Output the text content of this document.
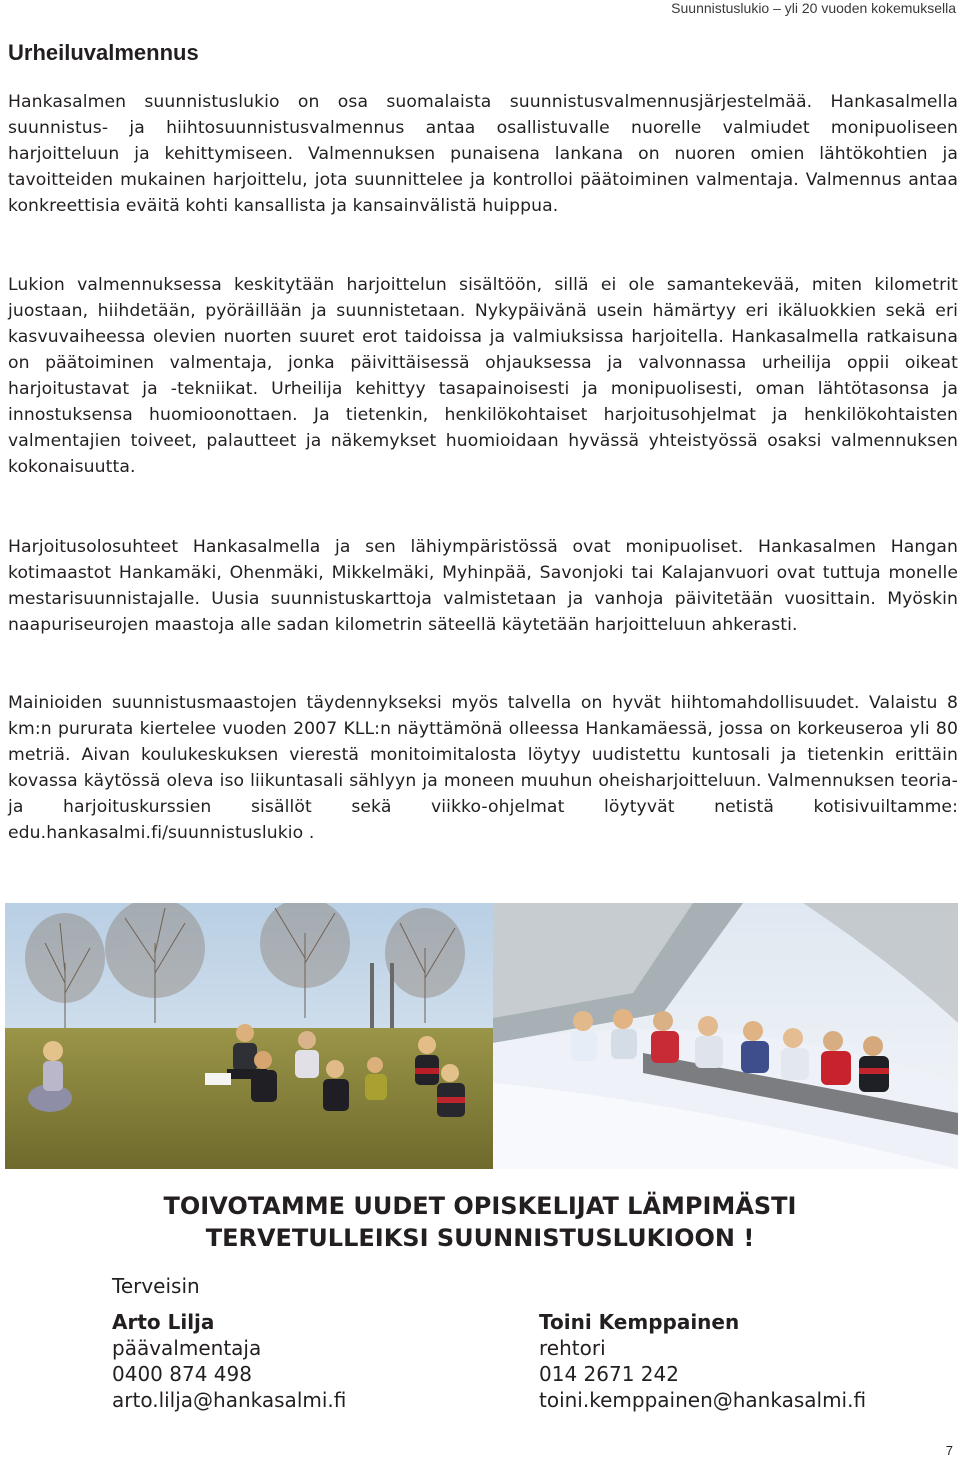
Suunnistuslukio – yli 20 vuoden kokemuksella
Urheiluvalmennus

Hankasalmen suunnistuslukio on osa suomalaista suunnistusvalmennusjärjestelmää. Hankasalmella suunnistus- ja hiihtosuunnistusvalmennus antaa osallistuvalle nuorelle valmiudet monipuoliseen harjoitteluun ja kehittymiseen. Valmennuksen punaisena lankana on nuoren omien lähtökohtien ja tavoitteiden mukainen harjoittelu, jota suunnittelee ja kontrolloi päätoiminen valmentaja. Valmennus antaa konkreettisia eväitä kohti kansallista ja kansainvälistä huippua.

Lukion valmennuksessa keskitytään harjoittelun sisältöön, sillä ei ole samantekevää, miten kilometrit juostaan, hiihdetään, pyöräillään ja suunnistetaan. Nykypäivänä usein hämärtyy eri ikäluokkien sekä eri kasvuvaiheessa olevien nuorten suuret erot taidoissa ja valmiuksissa harjoitella. Hankasalmella ratkaisuna on päätoiminen valmentaja, jonka päivittäisessä ohjauksessa ja valvonnassa urheilija oppii oikeat harjoitustavat ja -tekniikat. Urheilija kehittyy tasapainoisesti ja monipuolisesti, oman lähtötasonsa ja innostuksensa huomioonottaen. Ja tietenkin, henkilökohtaiset harjoitusohjelmat ja henkilökohtaisten valmentajien toiveet, palautteet ja näkemykset huomioidaan hyvässä yhteistyössä osaksi valmennuksen kokonaisuutta.

Harjoitusolosuhteet Hankasalmella ja sen lähiympäristössä ovat monipuoliset. Hankasalmen Hangan kotimaastot Hankamäki, Ohenmäki, Mikkelmäki, Myhinpää, Savonjoki tai Kalajanvuori ovat tuttuja monelle mestarisuunnistajalle. Uusia suunnistuskarttoja valmistetaan ja vanhoja päivitetään vuosittain. Myöskin naapuriseurojen maastoja alle sadan kilometrin säteellä käytetään harjoitteluun ahkerasti.

Mainioiden suunnistusmaastojen täydennykseksi myös talvella on hyvät hiihtomahdollisuudet. Valaistu 8 km:n pururata kiertelee vuoden 2007 KLL:n näyttämönä olleessa Hankamäessä, jossa on korkeuseroa yli 80 metriä. Aivan koulukeskuksen vierestä monitoimitalosta löytyy uudistettu kuntosali ja tietenkin erittäin kovassa käytössä oleva iso liikuntasali sählyyn ja moneen muuhun oheisharjoitteluun. Valmennuksen teoria- ja harjoituskurssien sisällöt sekä viikko-ohjelmat löytyvät netistä kotisivuiltamme: edu.hankasalmi.fi/suunnistuslukio .

TOIVOTAMME UUDET OPISKELIJAT LÄMPIMÄSTI
TERVETULLEIKSI SUUNNISTUSLUKIOON !
Terveisin
Arto Lilja
päävalmentaja
0400 874 498
arto.lilja@hankasalmi.fi
Toini Kemppainen
rehtori
014 2671 242
toini.kemppainen@hankasalmi.fi
7
